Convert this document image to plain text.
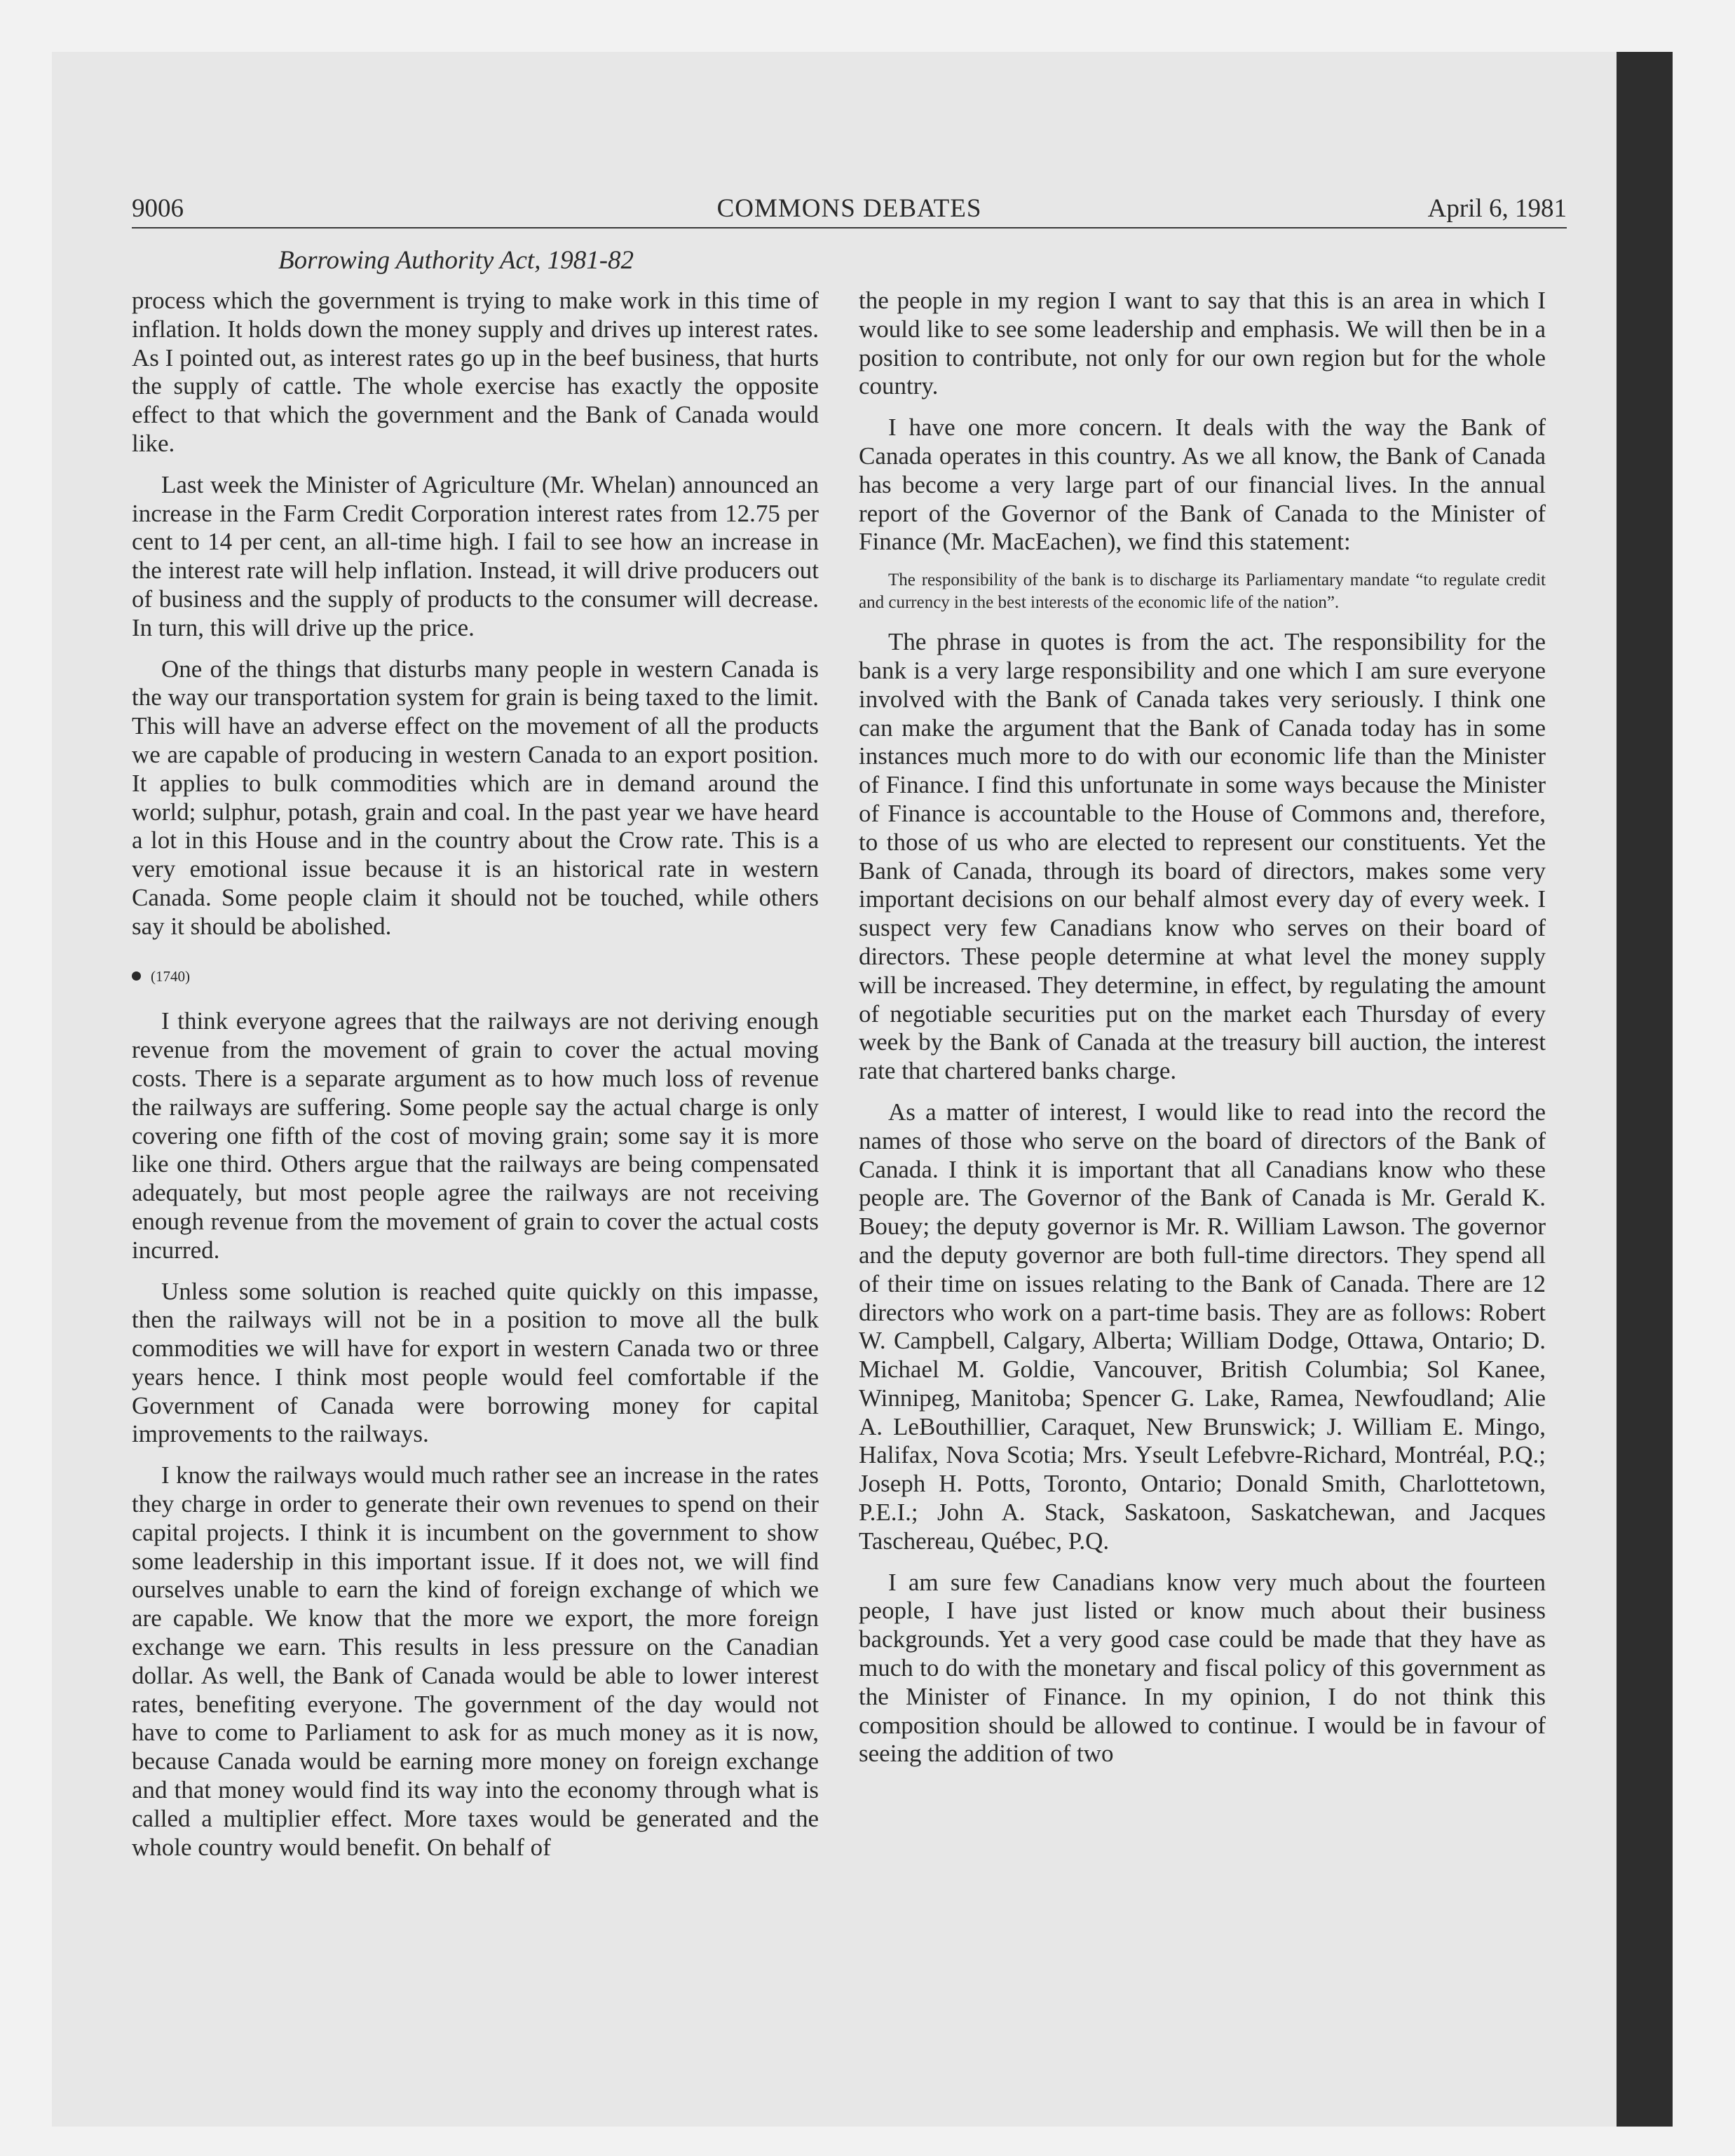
9006	COMMONS DEBATES	April 6, 1981
Borrowing Authority Act, 1981-82

process which the government is trying to make work in this time of inflation. It holds down the money supply and drives up interest rates. As I pointed out, as interest rates go up in the beef business, that hurts the supply of cattle. The whole exercise has exactly the opposite effect to that which the government and the Bank of Canada would like.

Last week the Minister of Agriculture (Mr. Whelan) announced an increase in the Farm Credit Corporation interest rates from 12.75 per cent to 14 per cent, an all-time high. I fail to see how an increase in the interest rate will help inflation. Instead, it will drive producers out of business and the supply of products to the consumer will decrease. In turn, this will drive up the price.

One of the things that disturbs many people in western Canada is the way our transportation system for grain is being taxed to the limit. This will have an adverse effect on the movement of all the products we are capable of producing in western Canada to an export position. It applies to bulk commodities which are in demand around the world; sulphur, potash, grain and coal. In the past year we have heard a lot in this House and in the country about the Crow rate. This is a very emotional issue because it is an historical rate in western Canada. Some people claim it should not be touched, while others say it should be abolished.

(1740)

I think everyone agrees that the railways are not deriving enough revenue from the movement of grain to cover the actual moving costs. There is a separate argument as to how much loss of revenue the railways are suffering. Some people say the actual charge is only covering one fifth of the cost of moving grain; some say it is more like one third. Others argue that the railways are being compensated adequately, but most people agree the railways are not receiving enough revenue from the movement of grain to cover the actual costs incurred.

Unless some solution is reached quite quickly on this impasse, then the railways will not be in a position to move all the bulk commodities we will have for export in western Canada two or three years hence. I think most people would feel comfortable if the Government of Canada were borrowing money for capital improvements to the railways.

I know the railways would much rather see an increase in the rates they charge in order to generate their own revenues to spend on their capital projects. I think it is incumbent on the government to show some leadership in this important issue. If it does not, we will find ourselves unable to earn the kind of foreign exchange of which we are capable. We know that the more we export, the more foreign exchange we earn. This results in less pressure on the Canadian dollar. As well, the Bank of Canada would be able to lower interest rates, benefiting everyone. The government of the day would not have to come to Parliament to ask for as much money as it is now, because Canada would be earning more money on foreign exchange and that money would find its way into the economy through what is called a multiplier effect. More taxes would be generated and the whole country would benefit. On behalf of

the people in my region I want to say that this is an area in which I would like to see some leadership and emphasis. We will then be in a position to contribute, not only for our own region but for the whole country.

I have one more concern. It deals with the way the Bank of Canada operates in this country. As we all know, the Bank of Canada has become a very large part of our financial lives. In the annual report of the Governor of the Bank of Canada to the Minister of Finance (Mr. MacEachen), we find this statement:

The responsibility of the bank is to discharge its Parliamentary mandate “to regulate credit and currency in the best interests of the economic life of the nation”.

The phrase in quotes is from the act. The responsibility for the bank is a very large responsibility and one which I am sure everyone involved with the Bank of Canada takes very seriously. I think one can make the argument that the Bank of Canada today has in some instances much more to do with our economic life than the Minister of Finance. I find this unfortunate in some ways because the Minister of Finance is accountable to the House of Commons and, therefore, to those of us who are elected to represent our constituents. Yet the Bank of Canada, through its board of directors, makes some very important decisions on our behalf almost every day of every week. I suspect very few Canadians know who serves on their board of directors. These people determine at what level the money supply will be increased. They determine, in effect, by regulating the amount of negotiable securities put on the market each Thursday of every week by the Bank of Canada at the treasury bill auction, the interest rate that chartered banks charge.

As a matter of interest, I would like to read into the record the names of those who serve on the board of directors of the Bank of Canada. I think it is important that all Canadians know who these people are. The Governor of the Bank of Canada is Mr. Gerald K. Bouey; the deputy governor is Mr. R. William Lawson. The governor and the deputy governor are both full-time directors. They spend all of their time on issues relating to the Bank of Canada. There are 12 directors who work on a part-time basis. They are as follows: Robert W. Campbell, Calgary, Alberta; William Dodge, Ottawa, Ontario; D. Michael M. Goldie, Vancouver, British Columbia; Sol Kanee, Winnipeg, Manitoba; Spencer G. Lake, Ramea, Newfoudland; Alie A. LeBouthillier, Caraquet, New Brunswick; J. William E. Mingo, Halifax, Nova Scotia; Mrs. Yseult Lefebvre-Richard, Montréal, P.Q.; Joseph H. Potts, Toronto, Ontario; Donald Smith, Charlottetown, P.E.I.; John A. Stack, Saskatoon, Saskatchewan, and Jacques Taschereau, Québec, P.Q.

I am sure few Canadians know very much about the fourteen people, I have just listed or know much about their business backgrounds. Yet a very good case could be made that they have as much to do with the monetary and fiscal policy of this government as the Minister of Finance. In my opinion, I do not think this composition should be allowed to continue. I would be in favour of seeing the addition of two
